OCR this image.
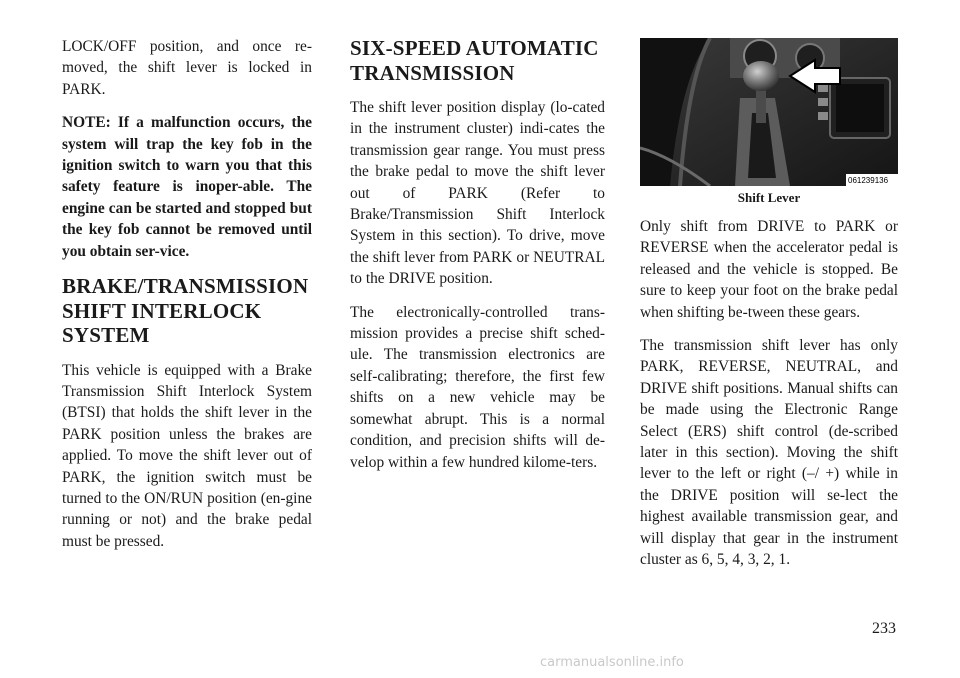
LOCK/OFF position, and once re-moved, the shift lever is locked in PARK.

NOTE: If a malfunction occurs, the system will trap the key fob in the ignition switch to warn you that this safety feature is inoper-able. The engine can be started and stopped but the key fob cannot be removed until you obtain ser-vice.

BRAKE/TRANSMISSION SHIFT INTERLOCK SYSTEM

This vehicle is equipped with a Brake Transmission Shift Interlock System (BTSI) that holds the shift lever in the PARK position unless the brakes are applied. To move the shift lever out of PARK, the ignition switch must be turned to the ON/RUN position (en-gine running or not) and the brake pedal must be pressed.

SIX-SPEED AUTOMATIC TRANSMISSION

The shift lever position display (lo-cated in the instrument cluster) indi-cates the transmission gear range. You must press the brake pedal to move the shift lever out of PARK (Refer to Brake/Transmission Shift Interlock System in this section). To drive, move the shift lever from PARK or NEUTRAL to the DRIVE position.

The electronically-controlled trans-mission provides a precise shift sched-ule. The transmission electronics are self-calibrating; therefore, the first few shifts on a new vehicle may be somewhat abrupt. This is a normal condition, and precision shifts will de-velop within a few hundred kilome-ters.

061239136
Shift Lever

Only shift from DRIVE to PARK or REVERSE when the accelerator pedal is released and the vehicle is stopped. Be sure to keep your foot on the brake pedal when shifting be-tween these gears.

The transmission shift lever has only PARK, REVERSE, NEUTRAL, and DRIVE shift positions. Manual shifts can be made using the Electronic Range Select (ERS) shift control (de-scribed later in this section). Moving the shift lever to the left or right (–/ +) while in the DRIVE position will se-lect the highest available transmission gear, and will display that gear in the instrument cluster as 6, 5, 4, 3, 2, 1.

233
carmanualsonline.info
